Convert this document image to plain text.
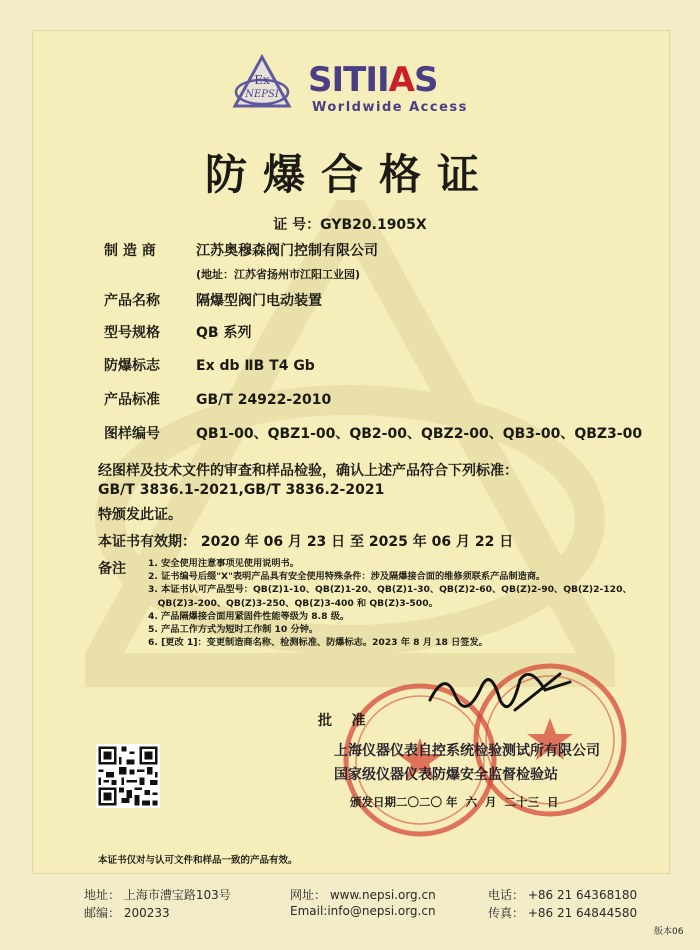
Ex
NEPSI SITIIAS
Worldwide Access
防爆合格证
证 号：GYB20.1905X
制 造 商	江苏奥穆森阀门控制有限公司
(地址：江苏省扬州市江阳工业园)
产品名称	隔爆型阀门电动装置
型号规格	QB 系列
防爆标志	Ex db ⅡB T4 Gb
产品标准	GB/T 24922-2010
图样编号	QB1-00、QBZ1-00、QB2-00、QBZ2-00、QB3-00、QBZ3-00
经图样及技术文件的审查和样品检验，确认上述产品符合下列标准：
GB/T 3836.1-2021,GB/T 3836.2-2021
特颁发此证。
本证书有效期： 2020 年 06 月 23 日 至 2025 年 06 月 22 日
备注 1. 安全使用注意事项见使用说明书。
2. 证书编号后缀"X"表明产品具有安全使用特殊条件：涉及隔爆接合面的维修须联系产品制造商。
3. 本证书认可产品型号：QB(Z)1-10、QB(Z)1-20、QB(Z)1-30、QB(Z)2-60、QB(Z)2-90、QB(Z)2-120、
QB(Z)3-200、QB(Z)3-250、QB(Z)3-400 和 QB(Z)3-500。
4. 产品隔爆接合面用紧固件性能等级为 8.8 级。
5. 产品工作方式为短时工作制 10 分钟。
6. [更改 1]：变更制造商名称、检测标准、防爆标志。2023 年 8 月 18 日签发。
批    准
上海仪器仪表自控系统检验测试所有限公司
国家级仪器仪表防爆安全监督检验站
颁发日期二〇二〇 年  六  月  二十三  日
本证书仅对与认可文件和样品一致的产品有效。
地址： 上海市漕宝路103号
邮编： 200233
网址： www.nepsi.org.cn
Email:info@nepsi.org.cn
电话： +86 21 64368180
传真： +86 21 64844580
版本06
